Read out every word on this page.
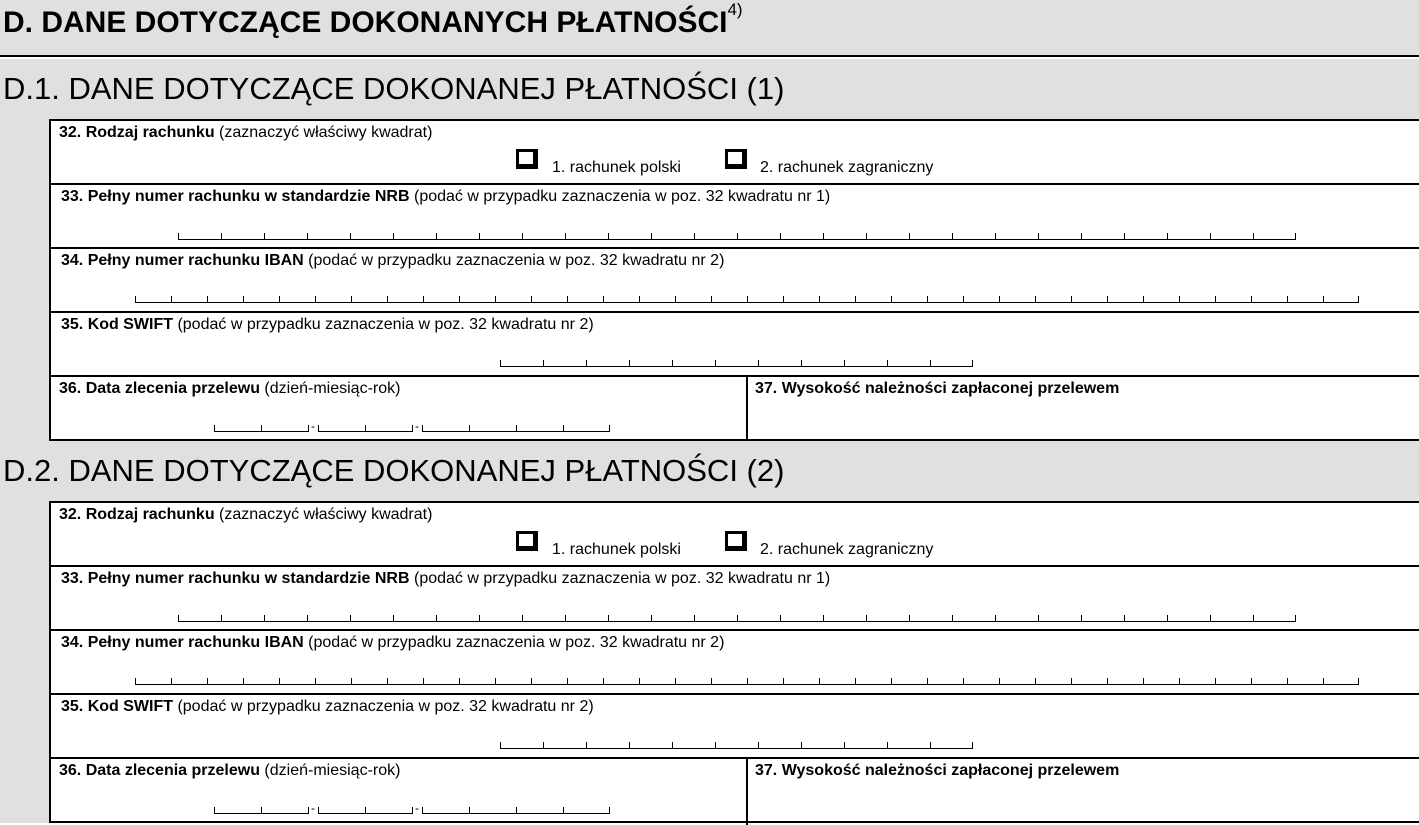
D. DANE DOTYCZĄCE DOKONANYCH PŁATNOŚCI$^{4)}$
D.1. DANE DOTYCZĄCE DOKONANEJ PŁATNOŚCI (1)
32. Rodzaj rachunku (zaznaczyć właściwy kwadrat)
1. rachunek polski	2. rachunek zagraniczny
33. Pełny numer rachunku w standardzie NRB (podać w przypadku zaznaczenia w poz. 32 kwadratu nr 1)
34. Pełny numer rachunku IBAN (podać w przypadku zaznaczenia w poz. 32 kwadratu nr 2)
35. Kod SWIFT (podać w przypadku zaznaczenia w poz. 32 kwadratu nr 2)
36. Data zlecenia przelewu (dzień-miesiąc-rok)
-
-	37. Wysokość należności zapłaconej przelewem
D.2. DANE DOTYCZĄCE DOKONANEJ PŁATNOŚCI (2)
32. Rodzaj rachunku (zaznaczyć właściwy kwadrat)
1. rachunek polski	2. rachunek zagraniczny
33. Pełny numer rachunku w standardzie NRB (podać w przypadku zaznaczenia w poz. 32 kwadratu nr 1)
34. Pełny numer rachunku IBAN (podać w przypadku zaznaczenia w poz. 32 kwadratu nr 2)
35. Kod SWIFT (podać w przypadku zaznaczenia w poz. 32 kwadratu nr 2)
36. Data zlecenia przelewu (dzień-miesiąc-rok)
-
-	37. Wysokość należności zapłaconej przelewem
